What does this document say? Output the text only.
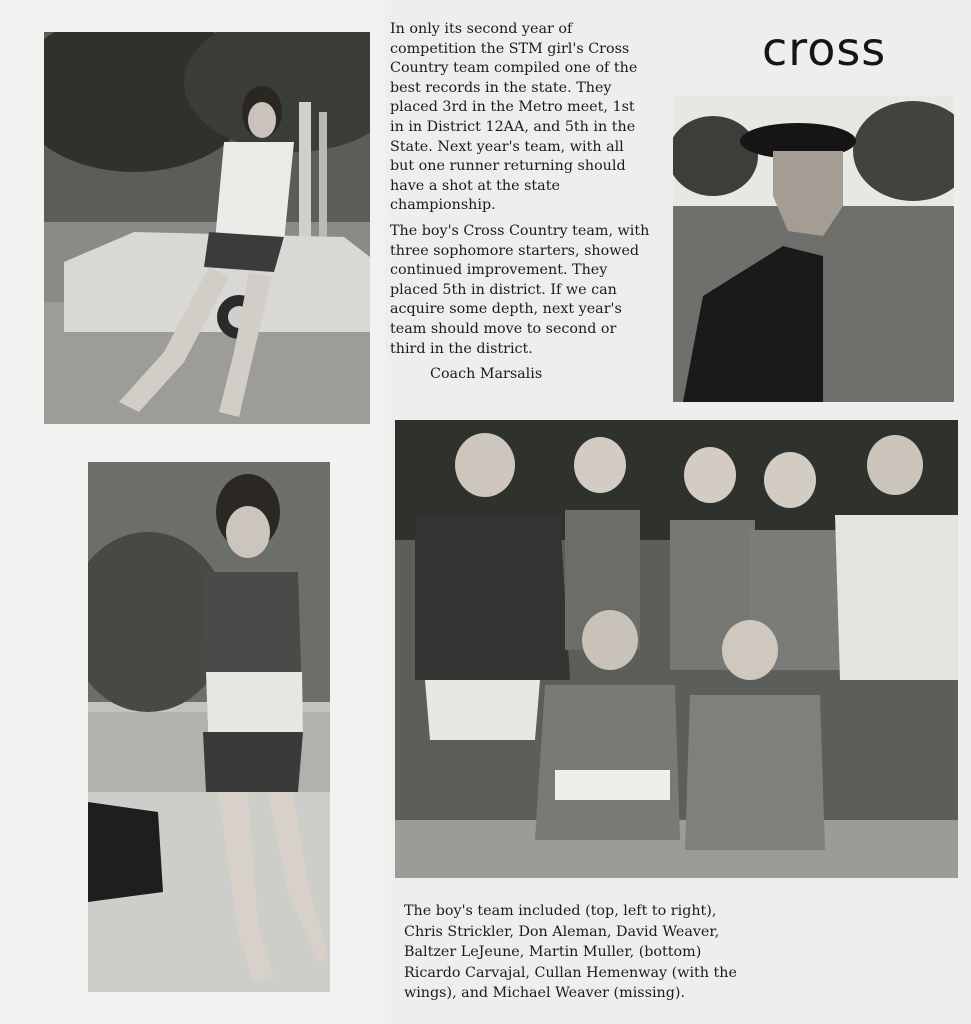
cross

In only its second year of competition the STM girl's Cross Country team compiled one of the best records in the state. They placed 3rd in the Metro meet, 1st in in District 12AA, and 5th in the State. Next year's team, with all but one runner returning should have a shot at the state championship.

The boy's Cross Country team, with three sophomore starters, showed continued improvement. They placed 5th in district. If we can acquire some depth, next year's team should move to second or third in the district.

Coach Marsalis
The boy's team included (top, left to right), Chris Strickler, Don Aleman, David Weaver, Baltzer LeJeune, Martin Muller, (bottom) Ricardo Carvajal, Cullan Hemenway (with the wings), and Michael Weaver (missing).
